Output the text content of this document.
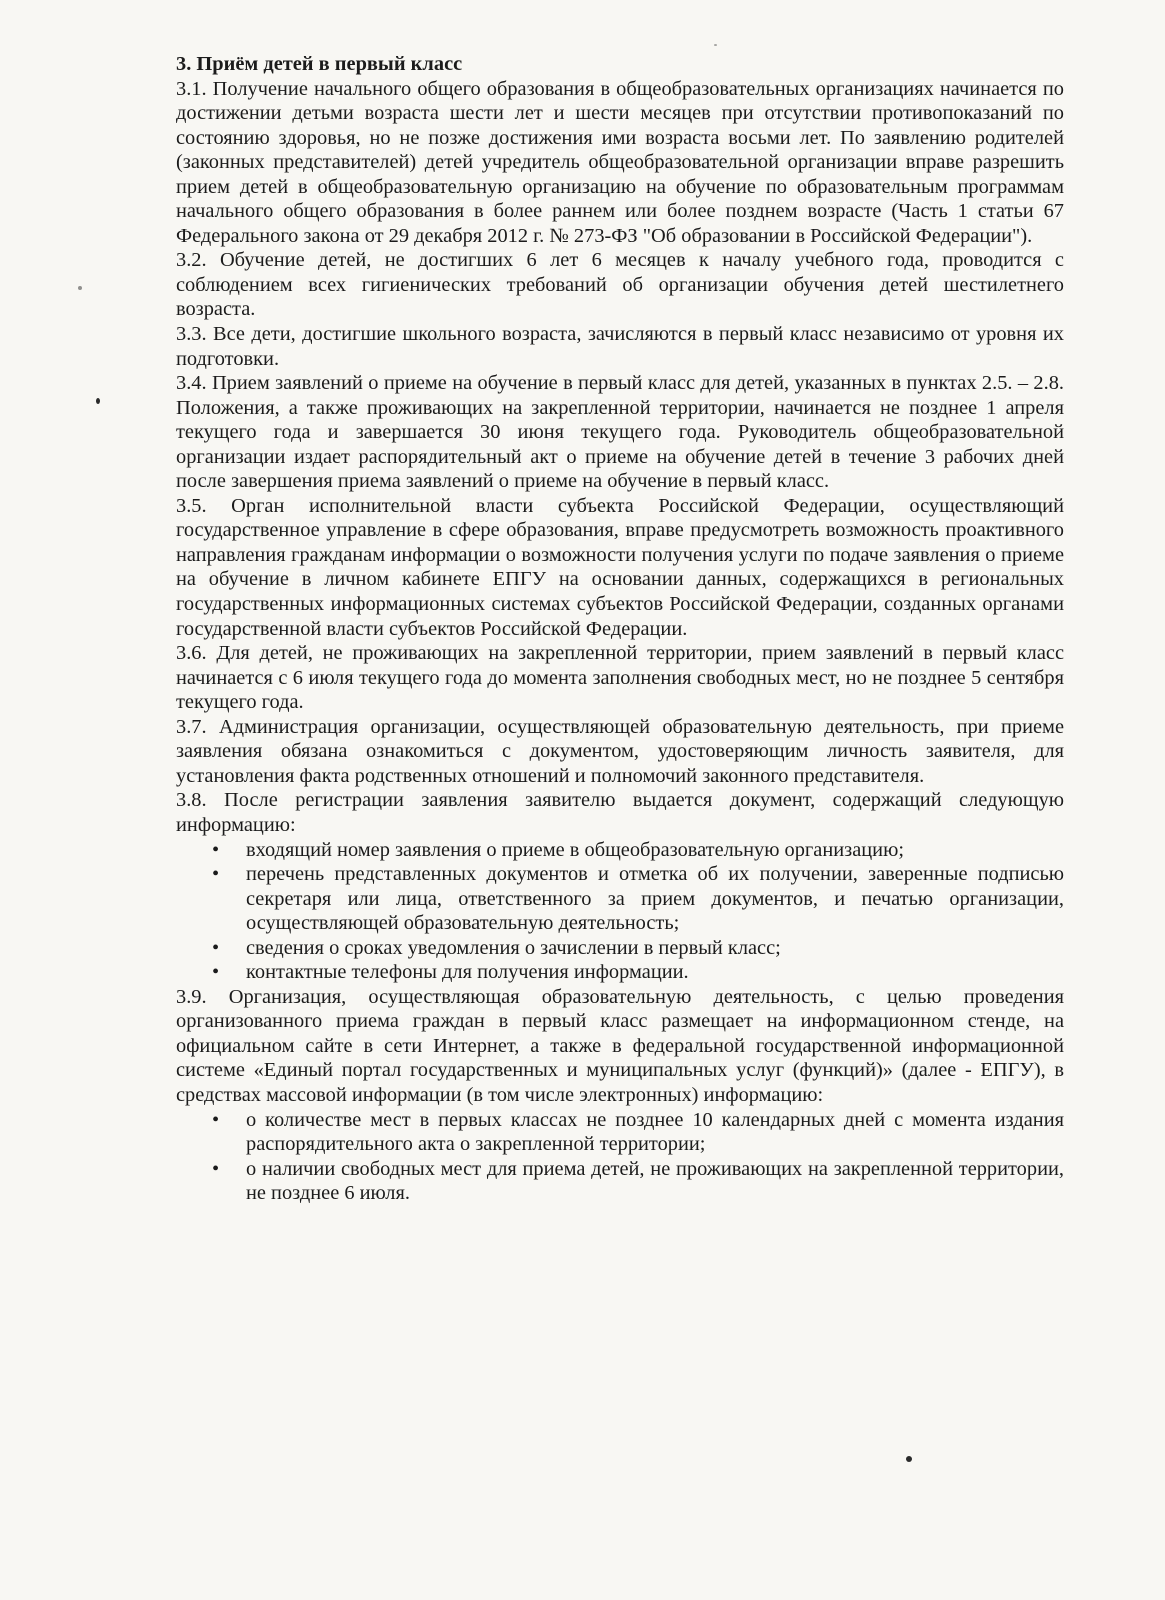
3. Приём детей в первый класс

3.1. Получение начального общего образования в общеобразовательных организациях начинается по достижении детьми возраста шести лет и шести месяцев при отсутствии противопоказаний по состоянию здоровья, но не позже достижения ими возраста восьми лет. По заявлению родителей (законных представителей) детей учредитель общеобразовательной организации вправе разрешить прием детей в общеобразовательную организацию на обучение по образовательным программам начального общего образования в более раннем или более позднем возрасте (Часть 1 статьи 67 Федерального закона от 29 декабря 2012 г. № 273-ФЗ "Об образовании в Российской Федерации").

3.2. Обучение детей, не достигших 6 лет 6 месяцев к началу учебного года, проводится с соблюдением всех гигиенических требований об организации обучения детей шестилетнего возраста.

3.3. Все дети, достигшие школьного возраста, зачисляются в первый класс независимо от уровня их подготовки.

3.4. Прием заявлений о приеме на обучение в первый класс для детей, указанных в пунктах 2.5. – 2.8. Положения, а также проживающих на закрепленной территории, начинается не позднее 1 апреля текущего года и завершается 30 июня текущего года. Руководитель общеобразовательной организации издает распорядительный акт о приеме на обучение детей в течение 3 рабочих дней после завершения приема заявлений о приеме на обучение в первый класс.

3.5. Орган исполнительной власти субъекта Российской Федерации, осуществляющий государственное управление в сфере образования, вправе предусмотреть возможность проактивного направления гражданам информации о возможности получения услуги по подаче заявления о приеме на обучение в личном кабинете ЕПГУ на основании данных, содержащихся в региональных государственных информационных системах субъектов Российской Федерации, созданных органами государственной власти субъектов Российской Федерации.

3.6. Для детей, не проживающих на закрепленной территории, прием заявлений в первый класс начинается с 6 июля текущего года до момента заполнения свободных мест, но не позднее 5 сентября текущего года.

3.7. Администрация организации, осуществляющей образовательную деятельность, при приеме заявления обязана ознакомиться с документом, удостоверяющим личность заявителя, для установления факта родственных отношений и полномочий законного представителя.

3.8. После регистрации заявления заявителю выдается документ, содержащий следующую информацию:

• входящий номер заявления о приеме в общеобразовательную организацию;
• перечень представленных документов и отметка об их получении, заверенные подписью секретаря или лица, ответственного за прием документов, и печатью организации, осуществляющей образовательную деятельность;
• сведения о сроках уведомления о зачислении в первый класс;
• контактные телефоны для получения информации.

3.9. Организация, осуществляющая образовательную деятельность, с целью проведения организованного приема граждан в первый класс размещает на информационном стенде, на официальном сайте в сети Интернет, а также в федеральной государственной информационной системе «Единый портал государственных и муниципальных услуг (функций)» (далее - ЕПГУ), в средствах массовой информации (в том числе электронных) информацию:

• о количестве мест в первых классах не позднее 10 календарных дней с момента издания распорядительного акта о закрепленной территории;
• о наличии свободных мест для приема детей, не проживающих на закрепленной территории, не позднее 6 июля.
